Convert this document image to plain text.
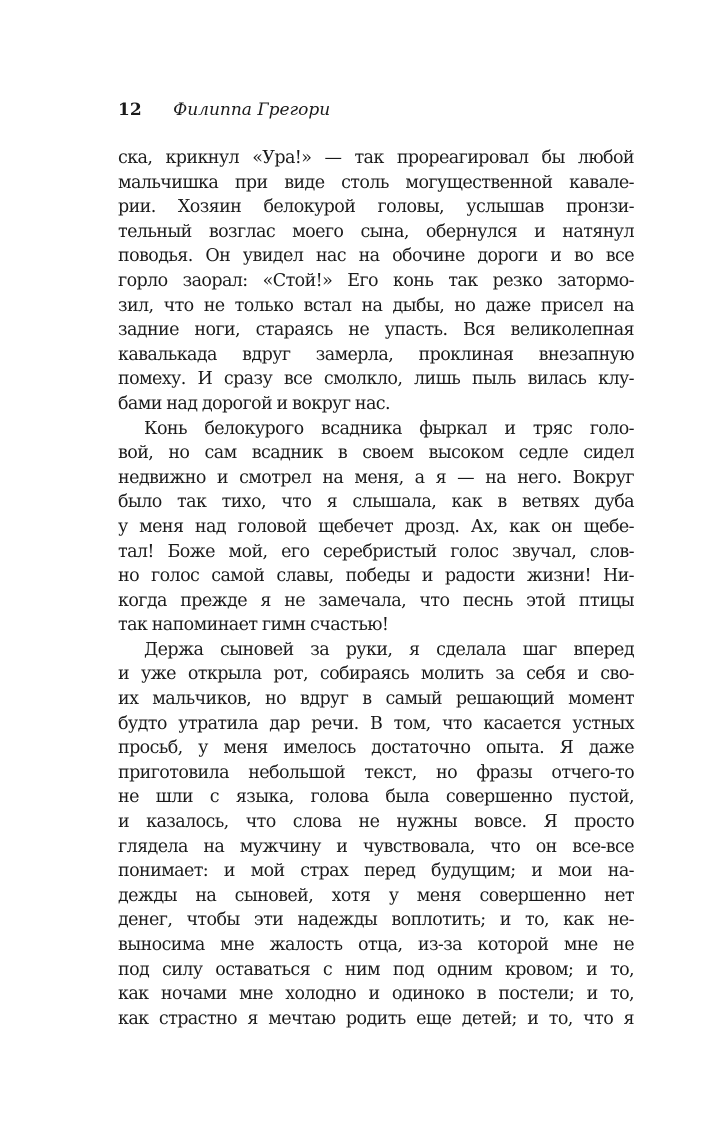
12 Филиппа Грегори
ска, крикнул «Ура!» — так прореагировал бы любой
мальчишка при виде столь могущественной кавале-
рии. Хозяин белокурой головы, услышав пронзи-
тельный возглас моего сына, обернулся и натянул
поводья. Он увидел нас на обочине дороги и во все
горло заорал: «Стой!» Его конь так резко затормо-
зил, что не только встал на дыбы, но даже присел на
задние ноги, стараясь не упасть. Вся великолепная
кавалькада вдруг замерла, проклиная внезапную
помеху. И сразу все смолкло, лишь пыль вилась клу-
бами над дорогой и вокруг нас.
Конь белокурого всадника фыркал и тряс голо-
вой, но сам всадник в своем высоком седле сидел
недвижно и смотрел на меня, а я — на него. Вокруг
было так тихо, что я слышала, как в ветвях дуба
у меня над головой щебечет дрозд. Ах, как он щебе-
тал! Боже мой, его серебристый голос звучал, слов-
но голос самой славы, победы и радости жизни! Ни-
когда прежде я не замечала, что песнь этой птицы
так напоминает гимн счастью!
Держа сыновей за руки, я сделала шаг вперед
и уже открыла рот, собираясь молить за себя и сво-
их мальчиков, но вдруг в самый решающий момент
будто утратила дар речи. В том, что касается устных
просьб, у меня имелось достаточно опыта. Я даже
приготовила небольшой текст, но фразы отчего-то
не шли с языка, голова была совершенно пустой,
и казалось, что слова не нужны вовсе. Я просто
глядела на мужчину и чувствовала, что он все-все
понимает: и мой страх перед будущим; и мои на-
дежды на сыновей, хотя у меня совершенно нет
денег, чтобы эти надежды воплотить; и то, как не-
выносима мне жалость отца, из-за которой мне не
под силу оставаться с ним под одним кровом; и то,
как ночами мне холодно и одиноко в постели; и то,
как страстно я мечтаю родить еще детей; и то, что я
